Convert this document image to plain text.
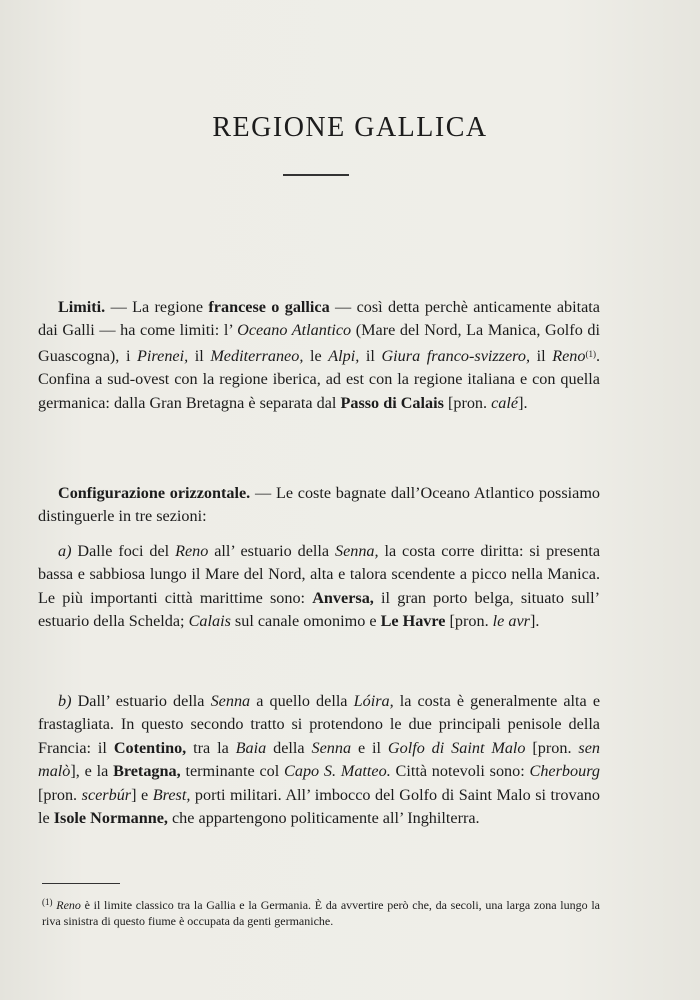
REGIONE GALLICA

Limiti. — La regione francese o gallica — così detta perchè anticamente abitata dai Galli — ha come limiti: l’ Oceano Atlantico (Mare del Nord, La Manica, Golfo di Guascogna), i Pirenei, il Mediterraneo, le Alpi, il Giura franco-svizzero, il Reno$^{(1)}$. Confina a sud-ovest con la regione iberica, ad est con la regione italiana e con quella germanica: dalla Gran Bretagna è separata dal Passo di Calais [pron. calé].

Configurazione orizzontale. — Le coste bagnate dall’Oceano Atlantico possiamo distinguerle in tre sezioni:

a) Dalle foci del Reno all’ estuario della Senna, la costa corre diritta: si presenta bassa e sabbiosa lungo il Mare del Nord, alta e talora scendente a picco nella Manica. Le più importanti città marittime sono: Anversa, il gran porto belga, situato sull’ estuario della Schelda; Calais sul canale omonimo e Le Havre [pron. le avr].

b) Dall’ estuario della Senna a quello della Lóira, la costa è generalmente alta e frastagliata. In questo secondo tratto si protendono le due principali penisole della Francia: il Cotentino, tra la Baia della Senna e il Golfo di Saint Malo [pron. sen malò], e la Bretagna, terminante col Capo S. Matteo. Città notevoli sono: Cherbourg [pron. scerbúr] e Brest, porti militari. All’ imbocco del Golfo di Saint Malo si trovano le Isole Normanne, che appartengono politicamente all’ Inghilterra.

$^{(1)}$ Reno è il limite classico tra la Gallia e la Germania. È da avvertire però che, da secoli, una larga zona lungo la riva sinistra di questo fiume è occupata da genti germaniche.
